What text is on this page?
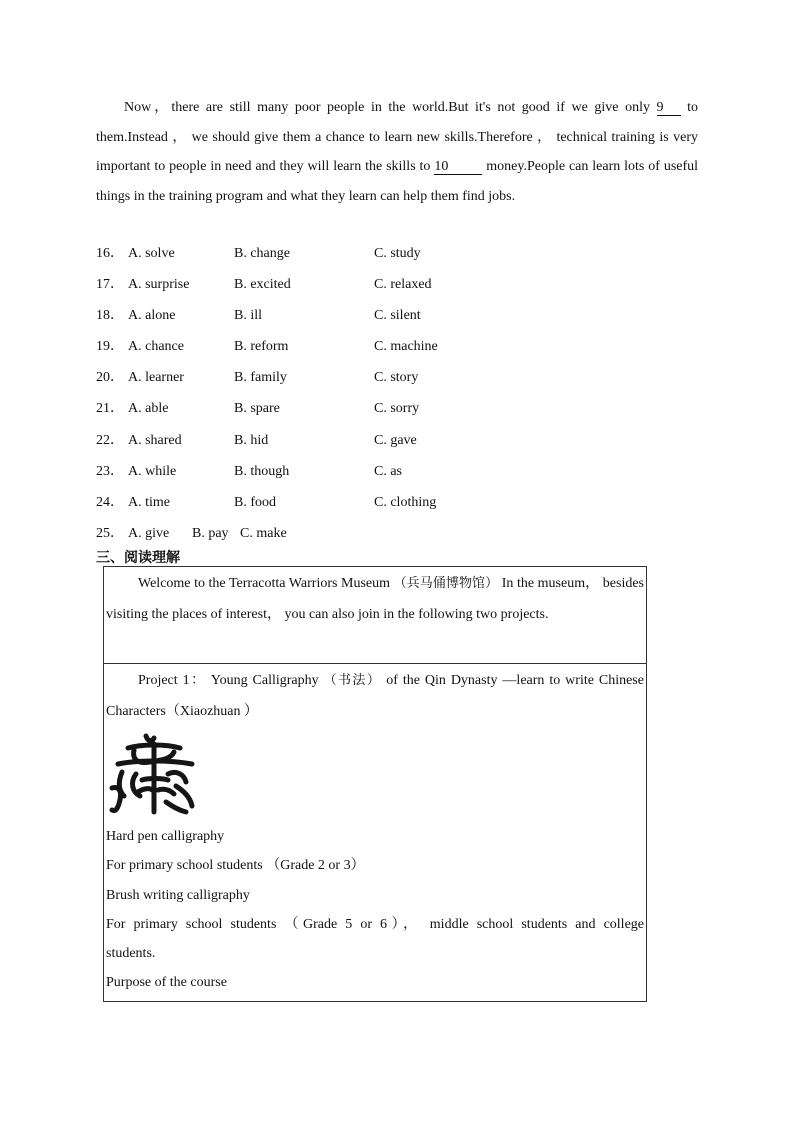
Now，there are still many poor people in the world.But it's not good if we give only 9 to them.Instead ， we should give them a chance to learn new skills.Therefore ， technical training is very important to people in need and they will learn the skills to 10	money.People can learn lots of useful things in the training program and what they learn can help them find jobs.
16． A. solve	B. change	C. study
17． A. surprise	B. excited	C. relaxed
18． A. alone	B. ill	C. silent
19． A. chance	B. reform	C. machine
20． A. learner	B. family	C. story
21． A. able	B. spare	C. sorry
22． A. shared	B. hid	C. gave
23． A. while	B. though	C. as
24． A. time	B. food	C. clothing
25． A. give B. pay C. make
三、阅读理解
Welcome to the Terracotta Warriors Museum （兵马俑博物馆） In the museum， besides visiting the places of interest， you can also join in the following two projects.
Project 1： Young Calligraphy （书法） of the Qin Dynasty —learn to write Chinese Characters（Xiaozhuan ）
Hard pen calligraphy
For primary school students （Grade 2 or 3）
Brush writing calligraphy
For primary school students （Grade 5 or 6）， middle school students and college
students.
Purpose of the course
